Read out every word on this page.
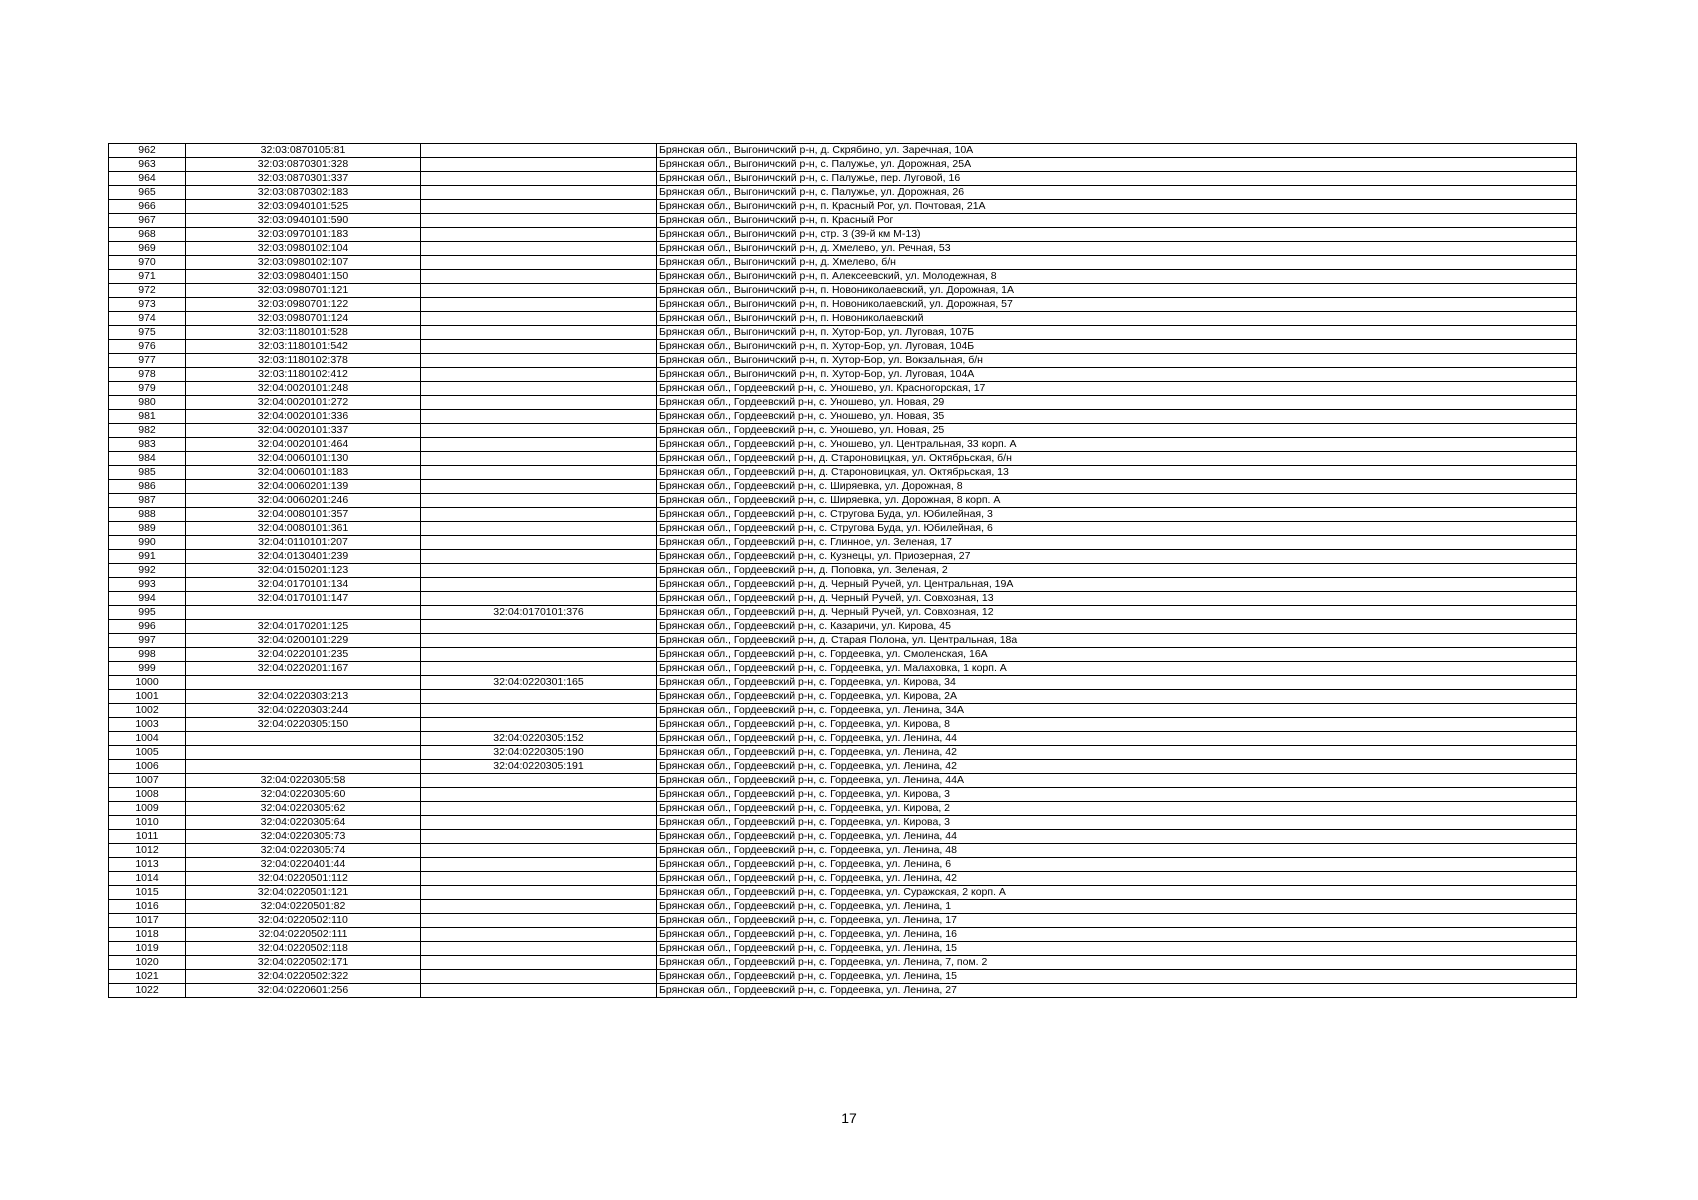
962	32:03:0870105:81		Брянская обл., Выгоничский р-н, д. Скрябино, ул. Заречная, 10А
963	32:03:0870301:328		Брянская обл., Выгоничский р-н, с. Палужье, ул. Дорожная, 25А
964	32:03:0870301:337		Брянская обл., Выгоничский р-н, с. Палужье, пер. Луговой, 16
965	32:03:0870302:183		Брянская обл., Выгоничский р-н, с. Палужье, ул. Дорожная, 26
966	32:03:0940101:525		Брянская обл., Выгоничский р-н, п. Красный Рог, ул. Почтовая, 21А
967	32:03:0940101:590		Брянская обл., Выгоничский р-н, п. Красный Рог
968	32:03:0970101:183		Брянская обл., Выгоничский р-н, стр. 3 (39-й км М-13)
969	32:03:0980102:104		Брянская обл., Выгоничский р-н, д. Хмелево, ул. Речная, 53
970	32:03:0980102:107		Брянская обл., Выгоничский р-н, д. Хмелево, б/н
971	32:03:0980401:150		Брянская обл., Выгоничский р-н, п. Алексеевский, ул. Молодежная, 8
972	32:03:0980701:121		Брянская обл., Выгоничский р-н, п. Новониколаевский, ул. Дорожная, 1А
973	32:03:0980701:122		Брянская обл., Выгоничский р-н, п. Новониколаевский, ул. Дорожная, 57
974	32:03:0980701:124		Брянская обл., Выгоничский р-н, п. Новониколаевский
975	32:03:1180101:528		Брянская обл., Выгоничский р-н, п. Хутор-Бор, ул. Луговая, 107Б
976	32:03:1180101:542		Брянская обл., Выгоничский р-н, п. Хутор-Бор, ул. Луговая, 104Б
977	32:03:1180102:378		Брянская обл., Выгоничский р-н, п. Хутор-Бор, ул. Вокзальная, б/н
978	32:03:1180102:412		Брянская обл., Выгоничский р-н, п. Хутор-Бор, ул. Луговая, 104А
979	32:04:0020101:248		Брянская обл., Гордеевский р-н, с. Уношево, ул. Красногорская, 17
980	32:04:0020101:272		Брянская обл., Гордеевский р-н, с. Уношево, ул. Новая, 29
981	32:04:0020101:336		Брянская обл., Гордеевский р-н, с. Уношево, ул. Новая, 35
982	32:04:0020101:337		Брянская обл., Гордеевский р-н, с. Уношево, ул. Новая, 25
983	32:04:0020101:464		Брянская обл., Гордеевский р-н, с. Уношево, ул. Центральная, 33 корп. А
984	32:04:0060101:130		Брянская обл., Гордеевский р-н, д. Староновицкая, ул. Октябрьская, б/н
985	32:04:0060101:183		Брянская обл., Гордеевский р-н, д. Староновицкая, ул. Октябрьская, 13
986	32:04:0060201:139		Брянская обл., Гордеевский р-н, с. Ширяевка, ул. Дорожная, 8
987	32:04:0060201:246		Брянская обл., Гордеевский р-н, с. Ширяевка, ул. Дорожная, 8 корп. А
988	32:04:0080101:357		Брянская обл., Гордеевский р-н, с. Стругова Буда, ул. Юбилейная, 3
989	32:04:0080101:361		Брянская обл., Гордеевский р-н, с. Стругова Буда, ул. Юбилейная, 6
990	32:04:0110101:207		Брянская обл., Гордеевский р-н, с. Глинное, ул. Зеленая, 17
991	32:04:0130401:239		Брянская обл., Гордеевский р-н, с. Кузнецы, ул. Приозерная, 27
992	32:04:0150201:123		Брянская обл., Гордеевский р-н, д. Поповка, ул. Зеленая, 2
993	32:04:0170101:134		Брянская обл., Гордеевский р-н, д. Черный Ручей, ул. Центральная, 19А
994	32:04:0170101:147		Брянская обл., Гордеевский р-н, д. Черный Ручей, ул. Совхозная, 13
995		32:04:0170101:376	Брянская обл., Гордеевский р-н, д. Черный Ручей, ул. Совхозная, 12
996	32:04:0170201:125		Брянская обл., Гордеевский р-н, с. Казаричи, ул. Кирова, 45
997	32:04:0200101:229		Брянская обл., Гордеевский р-н, д. Старая Полона, ул. Центральная, 18а
998	32:04:0220101:235		Брянская обл., Гордеевский р-н, с. Гордеевка, ул. Смоленская, 16А
999	32:04:0220201:167		Брянская обл., Гордеевский р-н, с. Гордеевка, ул. Малаховка, 1 корп. А
1000		32:04:0220301:165	Брянская обл., Гордеевский р-н, с. Гордеевка, ул. Кирова, 34
1001	32:04:0220303:213		Брянская обл., Гордеевский р-н, с. Гордеевка, ул. Кирова, 2А
1002	32:04:0220303:244		Брянская обл., Гордеевский р-н, с. Гордеевка, ул. Ленина, 34А
1003	32:04:0220305:150		Брянская обл., Гордеевский р-н, с. Гордеевка, ул. Кирова, 8
1004		32:04:0220305:152	Брянская обл., Гордеевский р-н, с. Гордеевка, ул. Ленина, 44
1005		32:04:0220305:190	Брянская обл., Гордеевский р-н, с. Гордеевка, ул. Ленина, 42
1006		32:04:0220305:191	Брянская обл., Гордеевский р-н, с. Гордеевка, ул. Ленина, 42
1007	32:04:0220305:58		Брянская обл., Гордеевский р-н, с. Гордеевка, ул. Ленина, 44А
1008	32:04:0220305:60		Брянская обл., Гордеевский р-н, с. Гордеевка, ул. Кирова, 3
1009	32:04:0220305:62		Брянская обл., Гордеевский р-н, с. Гордеевка, ул. Кирова, 2
1010	32:04:0220305:64		Брянская обл., Гордеевский р-н, с. Гордеевка, ул. Кирова, 3
1011	32:04:0220305:73		Брянская обл., Гордеевский р-н, с. Гордеевка, ул. Ленина, 44
1012	32:04:0220305:74		Брянская обл., Гордеевский р-н, с. Гордеевка, ул. Ленина, 48
1013	32:04:0220401:44		Брянская обл., Гордеевский р-н, с. Гордеевка, ул. Ленина, 6
1014	32:04:0220501:112		Брянская обл., Гордеевский р-н, с. Гордеевка, ул. Ленина, 42
1015	32:04:0220501:121		Брянская обл., Гордеевский р-н, с. Гордеевка, ул. Суражская, 2 корп. А
1016	32:04:0220501:82		Брянская обл., Гордеевский р-н, с. Гордеевка, ул. Ленина, 1
1017	32:04:0220502:110		Брянская обл., Гордеевский р-н, с. Гордеевка, ул. Ленина, 17
1018	32:04:0220502:111		Брянская обл., Гордеевский р-н, с. Гордеевка, ул. Ленина, 16
1019	32:04:0220502:118		Брянская обл., Гордеевский р-н, с. Гордеевка, ул. Ленина, 15
1020	32:04:0220502:171		Брянская обл., Гордеевский р-н, с. Гордеевка, ул. Ленина, 7, пом. 2
1021	32:04:0220502:322		Брянская обл., Гордеевский р-н, с. Гордеевка, ул. Ленина, 15
1022	32:04:0220601:256		Брянская обл., Гордеевский р-н, с. Гордеевка, ул. Ленина, 27
17
